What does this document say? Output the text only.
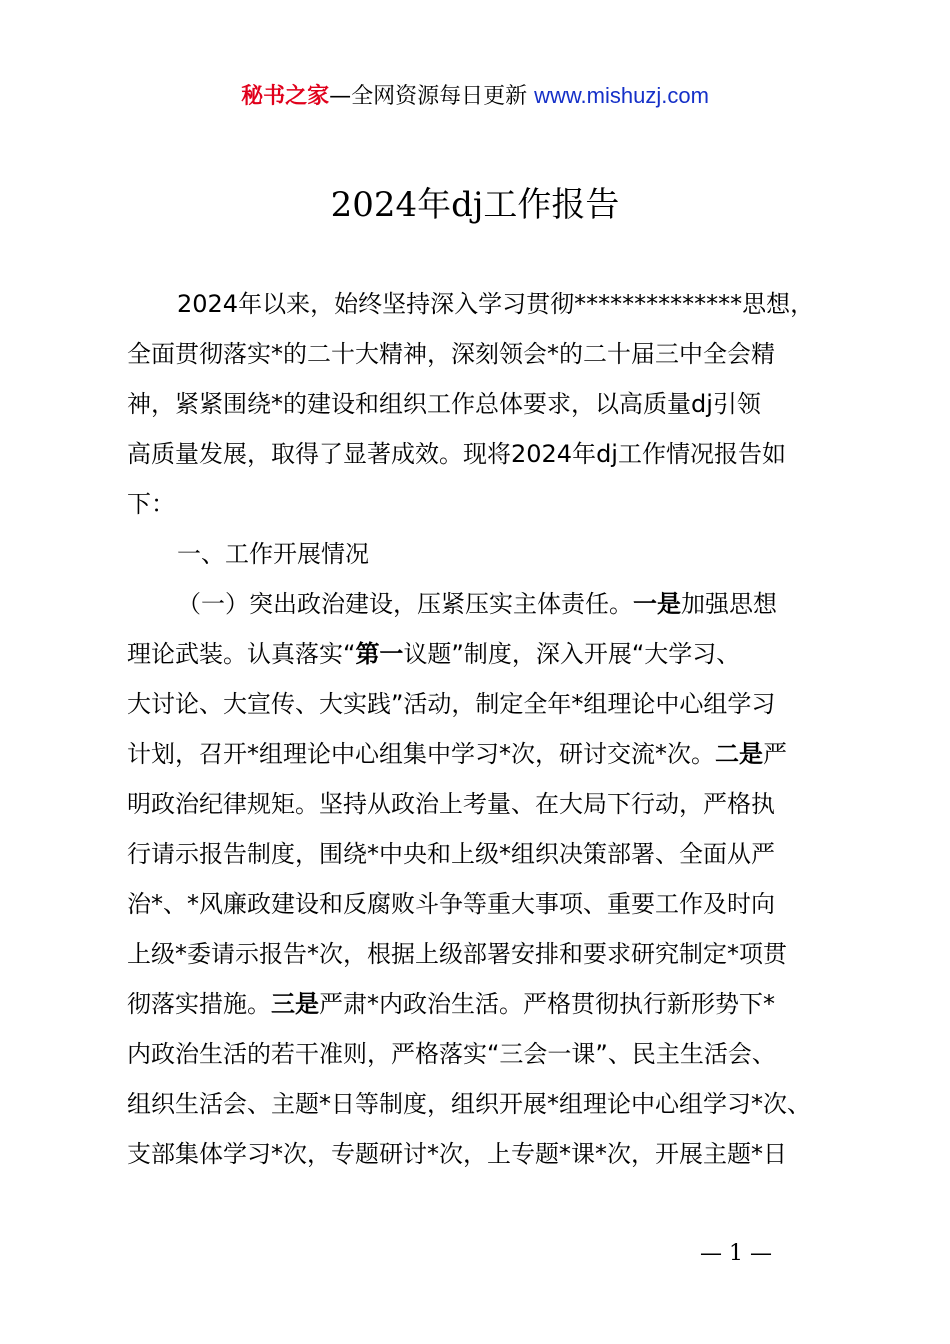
秘书之家—全网资源每日更新 www.mishuzj.com
2024年dj工作报告
2024年以来，始终坚持深入学习贯彻**************思想，
全面贯彻落实*的二十大精神，深刻领会*的二十届三中全会精
神，紧紧围绕*的建设和组织工作总体要求，以高质量dj引领
高质量发展，取得了显著成效。现将2024年dj工作情况报告如
下：
一、工作开展情况
（一）突出政治建设，压紧压实主体责任。一是加强思想
理论武装。认真落实“第一议题”制度，深入开展“大学习、
大讨论、大宣传、大实践”活动，制定全年*组理论中心组学习
计划，召开*组理论中心组集中学习*次，研讨交流*次。二是严
明政治纪律规矩。坚持从政治上考量、在大局下行动，严格执
行请示报告制度，围绕*中央和上级*组织决策部署、全面从严
治*、*风廉政建设和反腐败斗争等重大事项、重要工作及时向
上级*委请示报告*次，根据上级部署安排和要求研究制定*项贯
彻落实措施。三是严肃*内政治生活。严格贯彻执行新形势下*
内政治生活的若干准则，严格落实“三会一课”、民主生活会、
组织生活会、主题*日等制度，组织开展*组理论中心组学习*次、
支部集体学习*次，专题研讨*次，上专题*课*次，开展主题*日
— 1 —
